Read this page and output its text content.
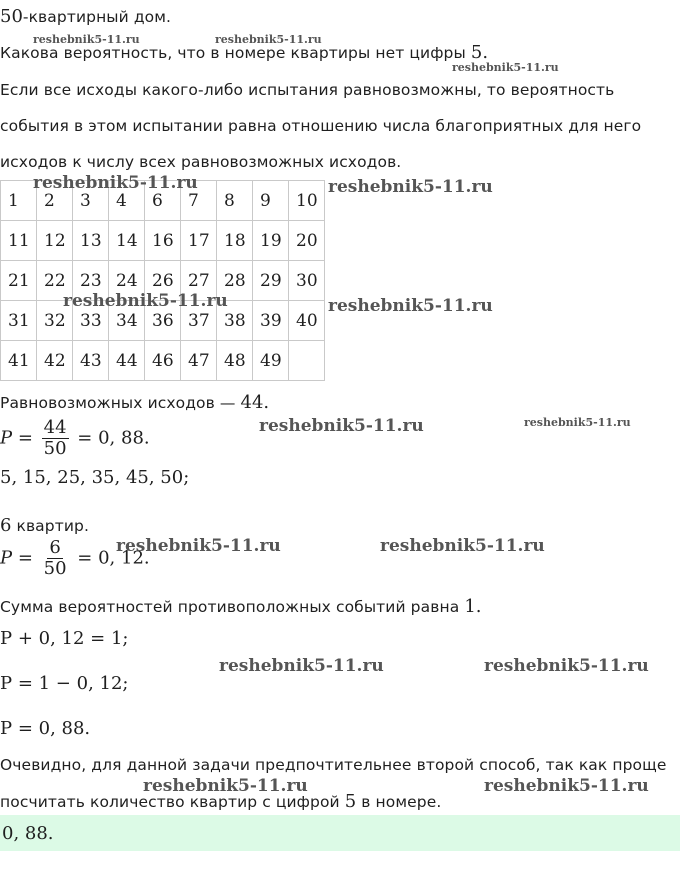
50-квартирный дом.
Какова вероятность, что в номере квартиры нет цифры 5.
Если все исходы какого-либо испытания равновозможны, то вероятность
события в этом испытании равна отношению числа благоприятных для него
исходов к числу всех равновозможных исходов.
1	2	3	4	6	7	8	9	10
11	12	13	14	16	17	18	19	20
21	22	23	24	26	27	28	29	30
31	32	33	34	36	37	38	39	40
41	42	43	44	46	47	48	49	
Равновозможных исходов — 44.
$P = \frac{44}{50} = 0$, 88.
5, 15, 25, 35, 45, 50;
6 квартир.
$P = \frac{6}{50} = 0$, 12.
Сумма вероятностей противоположных событий равна 1.
P + 0, 12 = 1;
P = 1 − 0, 12;
P = 0, 88.
Очевидно, для данной задачи предпочтительнее второй способ, так как проще
посчитать количество квартир с цифрой 5 в номере.
0, 88.
reshebnik5-11.ru	reshebnik5-11.ru
reshebnik5-11.ru
reshebnik5-11.ru	reshebnik5-11.ru
reshebnik5-11.ru	reshebnik5-11.ru
reshebnik5-11.ru	reshebnik5-11.ru
reshebnik5-11.ru	reshebnik5-11.ru
reshebnik5-11.ru	reshebnik5-11.ru
reshebnik5-11.ru	reshebnik5-11.ru
